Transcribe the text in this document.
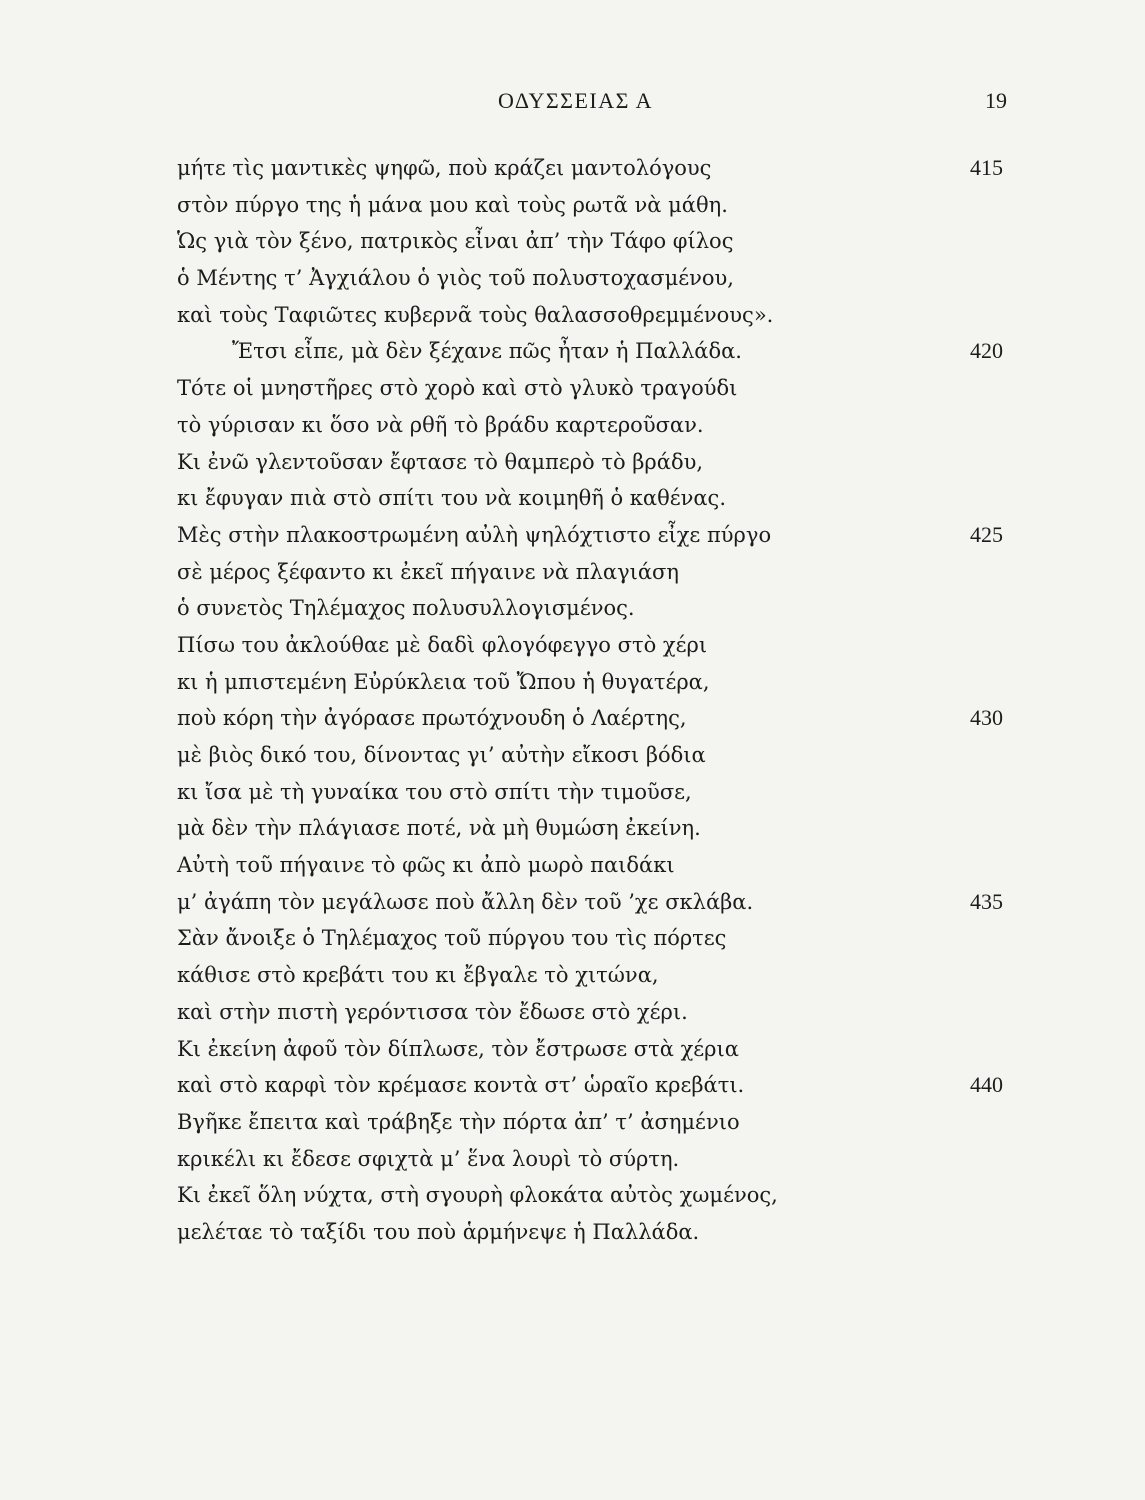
ΟΔΥΣΣΕΙΑΣ Α	19
μήτε τὶς μαντικὲς ψηφῶ, ποὺ κράζει μαντολόγους	415
στὸν πύργο της ἡ μάνα μου καὶ τοὺς ρωτᾶ νὰ μάθη.
Ὡς γιὰ τὸν ξένο, πατρικὸς εἶναι ἀπ’ τὴν Τάφο φίλος
ὁ Μέντης τ’ Ἀγχιάλου ὁ γιὸς τοῦ πολυστοχασμένου,
καὶ τοὺς Ταφιῶτες κυβερνᾶ τοὺς θαλασσοθρεμμένους».
Ἔτσι εἶπε, μὰ δὲν ξέχανε πῶς ἦταν ἡ Παλλάδα.	420
Τότε οἱ μνηστῆρες στὸ χορὸ καὶ στὸ γλυκὸ τραγούδι
τὸ γύρισαν κι ὅσο νὰ ρθῆ τὸ βράδυ καρτεροῦσαν.
Κι ἐνῶ γλεντοῦσαν ἔφτασε τὸ θαμπερὸ τὸ βράδυ,
κι ἔφυγαν πιὰ στὸ σπίτι του νὰ κοιμηθῆ ὁ καθένας.
Μὲς στὴν πλακοστρωμένη αὐλὴ ψηλόχτιστο εἶχε πύργο	425
σὲ μέρος ξέφαντο κι ἐκεῖ πήγαινε νὰ πλαγιάση
ὁ συνετὸς Τηλέμαχος πολυσυλλογισμένος.
Πίσω του ἀκλούθαε μὲ δαδὶ φλογόφεγγο στὸ χέρι
κι ἡ μπιστεμένη Εὐρύκλεια τοῦ Ὤπου ἡ θυγατέρα,
ποὺ κόρη τὴν ἀγόρασε πρωτόχνουδη ὁ Λαέρτης,	430
μὲ βιὸς δικό του, δίνοντας γι’ αὐτὴν εἴκοσι βόδια
κι ἴσα μὲ τὴ γυναίκα του στὸ σπίτι τὴν τιμοῦσε,
μὰ δὲν τὴν πλάγιασε ποτέ, νὰ μὴ θυμώση ἐκείνη.
Αὐτὴ τοῦ πήγαινε τὸ φῶς κι ἀπὸ μωρὸ παιδάκι
μ’ ἀγάπη τὸν μεγάλωσε ποὺ ἄλλη δὲν τοῦ ’χε σκλάβα.	435
Σὰν ἄνοιξε ὁ Τηλέμαχος τοῦ πύργου του τὶς πόρτες
κάθισε στὸ κρεβάτι του κι ἔβγαλε τὸ χιτώνα,
καὶ στὴν πιστὴ γερόντισσα τὸν ἔδωσε στὸ χέρι.
Κι ἐκείνη ἀφοῦ τὸν δίπλωσε, τὸν ἔστρωσε στὰ χέρια
καὶ στὸ καρφὶ τὸν κρέμασε κοντὰ στ’ ὡραῖο κρεβάτι.	440
Βγῆκε ἔπειτα καὶ τράβηξε τὴν πόρτα ἀπ’ τ’ ἀσημένιο
κρικέλι κι ἔδεσε σφιχτὰ μ’ ἕνα λουρὶ τὸ σύρτη.
Κι ἐκεῖ ὅλη νύχτα, στὴ σγουρὴ φλοκάτα αὐτὸς χωμένος,
μελέταε τὸ ταξίδι του ποὺ ἁρμήνεψε ἡ Παλλάδα.
